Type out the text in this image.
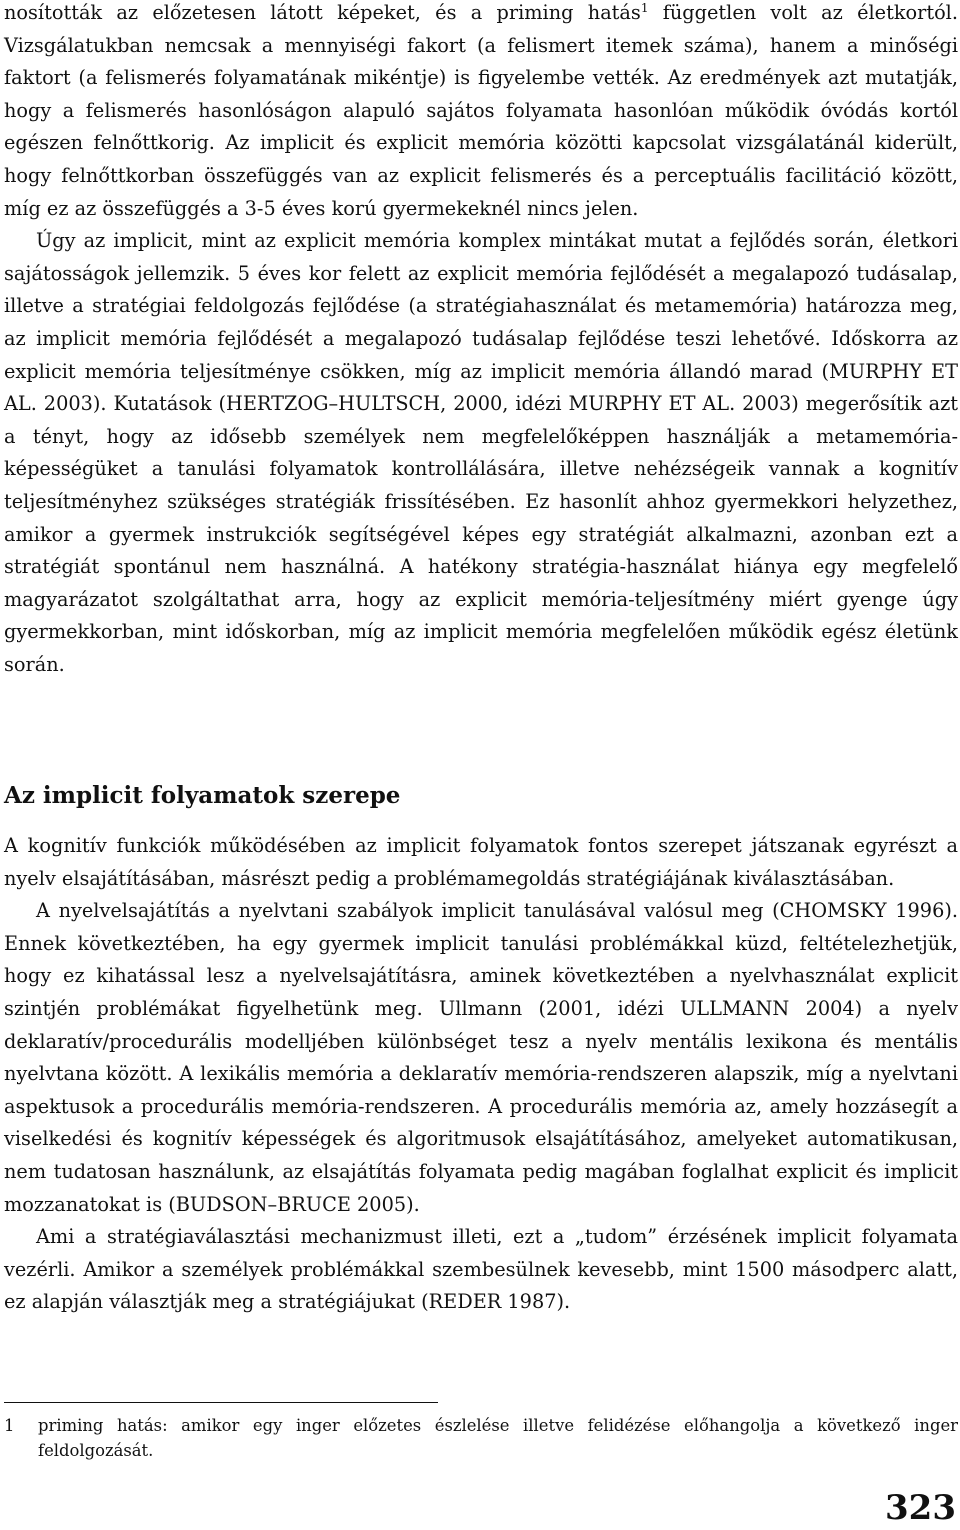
nosították az előzetesen látott képeket, és a priming hatás$^1$ független volt az életkortól. Vizsgálatukban nemcsak a mennyiségi fakort (a felismert itemek száma), hanem a minőségi faktort (a felismerés folyamatának mikéntje) is figyelembe vették. Az eredmények azt mutatják, hogy a felismerés hasonlóságon alapuló sajátos folyamata hasonlóan működik óvódás kortól egészen felnőttkorig. Az implicit és explicit memória közötti kapcsolat vizsgálatánál kiderült, hogy felnőttkorban összefüggés van az explicit felismerés és a perceptuális facilitáció között, míg ez az összefüggés a 3-5 éves korú gyermekeknél nincs jelen.

Úgy az implicit, mint az explicit memória komplex mintákat mutat a fejlődés során, életkori sajátosságok jellemzik. 5 éves kor felett az explicit memória fejlődését a megalapozó tudásalap, illetve a stratégiai feldolgozás fejlődése (a stratégiahasználat és metamemória) határozza meg, az implicit memória fejlődését a megalapozó tudásalap fejlődése teszi lehetővé. Időskorra az explicit memória teljesítménye csökken, míg az implicit memória állandó marad (MURPHY ET AL. 2003). Kutatások (HERTZOG–HULTSCH, 2000, idézi MURPHY ET AL. 2003) megerősítik azt a tényt, hogy az idősebb személyek nem megfelelőképpen használják a metamemória-képességüket a tanulási folyamatok kontrollálására, illetve nehézségeik vannak a kognitív teljesítményhez szükséges stratégiák frissítésében. Ez hasonlít ahhoz gyermekkori helyzethez, amikor a gyermek instrukciók segítségével képes egy stratégiát alkalmazni, azonban ezt a stratégiát spontánul nem használná. A hatékony stratégia-használat hiánya egy megfelelő magyarázatot szolgáltathat arra, hogy az explicit memória-teljesítmény miért gyenge úgy gyermekkorban, mint időskorban, míg az implicit memória megfelelően működik egész életünk során.

Az implicit folyamatok szerepe

A kognitív funkciók működésében az implicit folyamatok fontos szerepet játszanak egyrészt a nyelv elsajátításában, másrészt pedig a problémamegoldás stratégiájának kiválasztásában.

A nyelvelsajátítás a nyelvtani szabályok implicit tanulásával valósul meg (CHOMSKY 1996). Ennek következtében, ha egy gyermek implicit tanulási problémákkal küzd, feltételezhetjük, hogy ez kihatással lesz a nyelvelsajátításra, aminek következtében a nyelvhasználat explicit szintjén problémákat figyelhetünk meg. Ullmann (2001, idézi ULLMANN 2004) a nyelv deklaratív/procedurális modelljében különbséget tesz a nyelv mentális lexikona és mentális nyelvtana között. A lexikális memória a deklaratív memória-rendszeren alapszik, míg a nyelvtani aspektusok a procedurális memória-rendszeren. A procedurális memória az, amely hozzásegít a viselkedési és kognitív képességek és algoritmusok elsajátításához, amelyeket automatikusan, nem tudatosan használunk, az elsajátítás folyamata pedig magában foglalhat explicit és implicit mozzanatokat is (BUDSON–BRUCE 2005).

Ami a stratégiaválasztási mechanizmust illeti, ezt a „tudom” érzésének implicit folyamata vezérli. Amikor a személyek problémákkal szembesülnek kevesebb, mint 1500 másodperc alatt, ez alapján választják meg a stratégiájukat (REDER 1987).

1 priming hatás: amikor egy inger előzetes észlelése illetve felidézése előhangolja a következő inger feldolgozását.
323
